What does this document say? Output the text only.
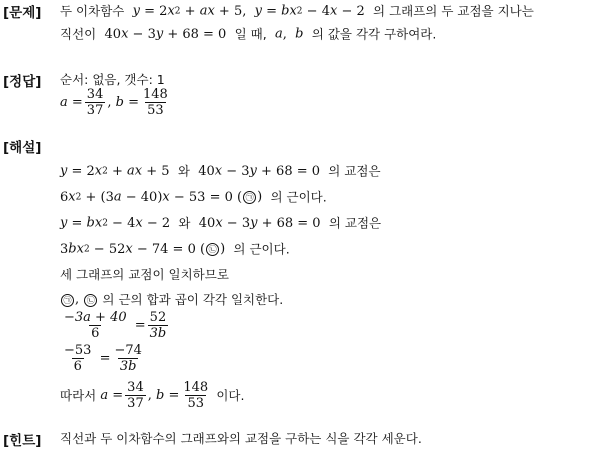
[문제] 두 이차함수 y = 2x2 + ax + 5,  y = bx2 − 4x − 2  의 그래프의 두 교점을 지나는
직선이  40x − 3y + 68 = 0  일 때, a,  b 의 값을 각각 구하여라.
[정답] 순서: 없음, 갯수: 1
$a = \frac{34}{37}$ , $b = \frac{148}{53}$
[해설]
y = 2x2 + ax + 5  와  40x − 3y + 68 = 0  의 교점은
6x2 + (3a − 40)x − 53 = 0 ( ㉠ )  의 근이다.
y = bx2 − 4x − 2  와  40x − 3y + 68 = 0  의 교점은
3bx2 − 52x − 74 = 0 ( ㉡ )  의 근이다.
세 그래프의 교점이 일치하므로
㉠ , ㉡ 의 근의 합과 곱이 각각 일치한다.
$\frac{-3a + 40}{6} = \frac{52}{3b}$
$\frac{-53}{6} = \frac{-74}{3b}$
따라서
$a = \frac{34}{37}$ , $b = \frac{148}{53}$
이다.
[힌트] 직선과 두 이차함수의 그래프와의 교점을 구하는 식을 각각 세운다.
